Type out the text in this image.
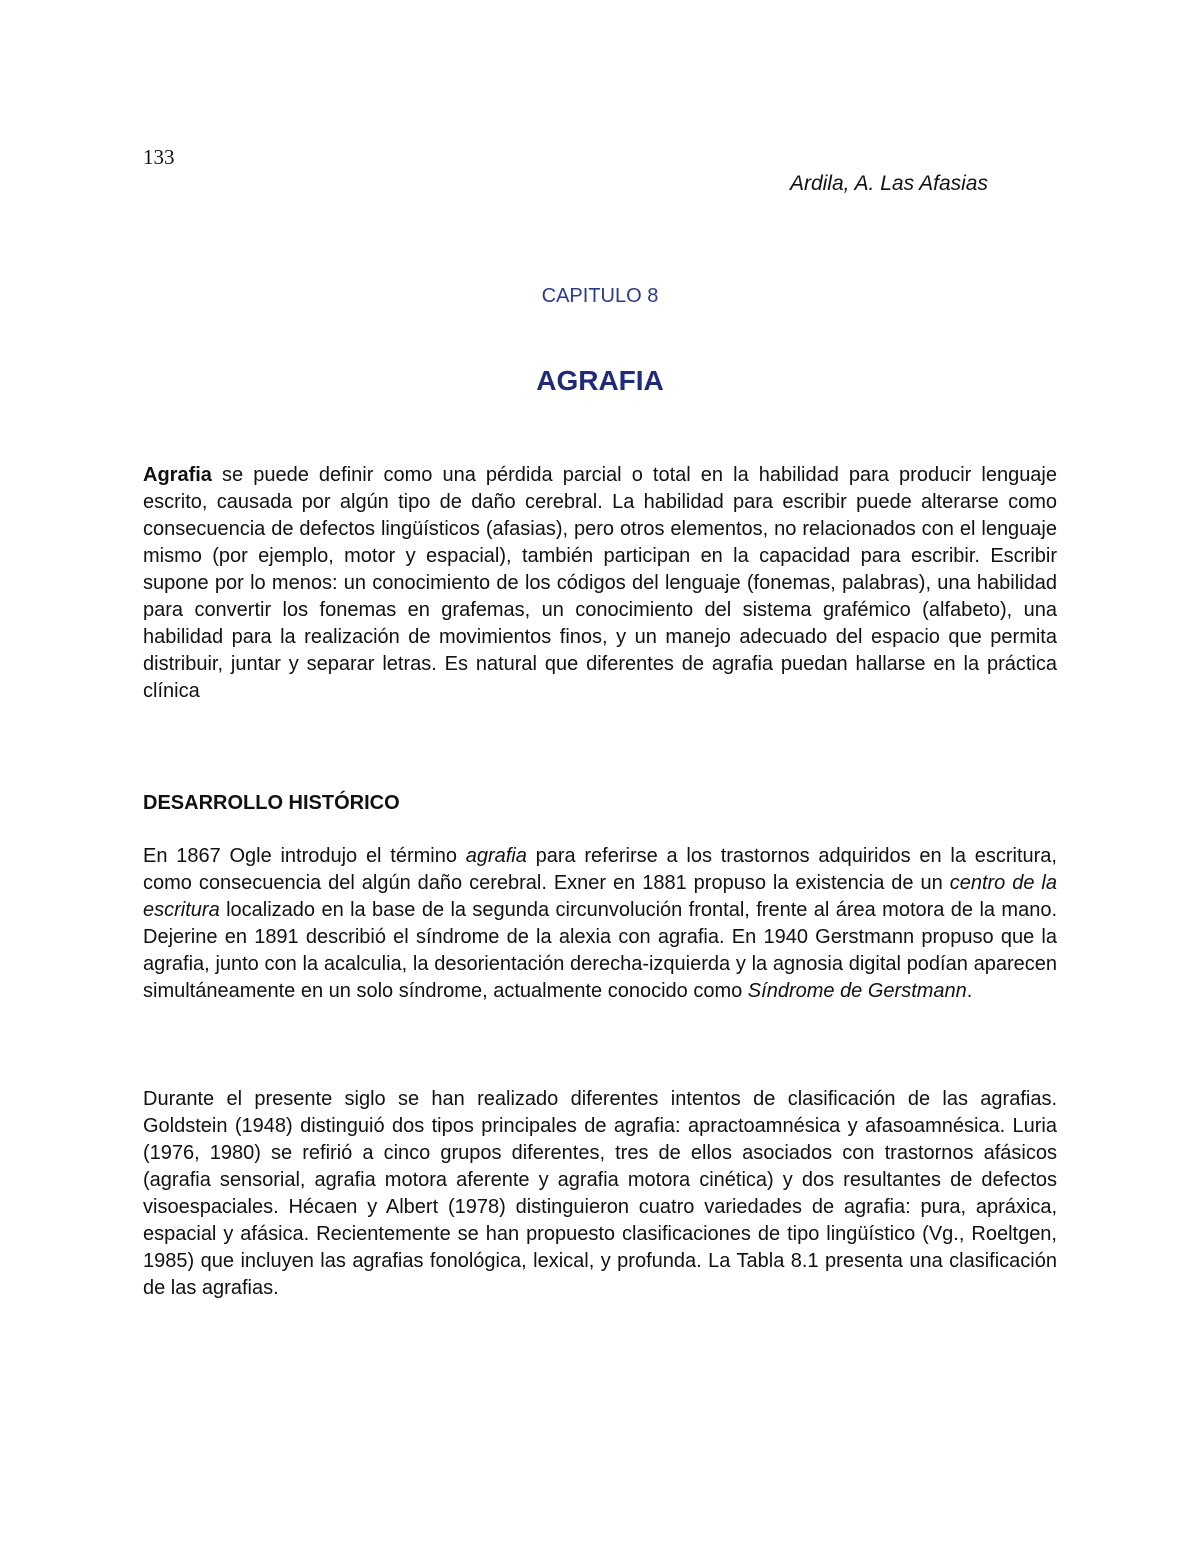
133
Ardila, A. Las Afasias
CAPITULO 8
AGRAFIA

Agrafia se puede definir como una pérdida parcial o total en la habilidad para producir lenguaje escrito, causada por algún tipo de daño cerebral. La habilidad para escribir puede alterarse como consecuencia de defectos lingüísticos (afasias), pero otros elementos, no relacionados con el lenguaje mismo (por ejemplo, motor y espacial), también participan en la capacidad para escribir. Escribir supone por lo menos: un conocimiento de los códigos del lenguaje (fonemas, palabras), una habilidad para convertir los fonemas en grafemas, un conocimiento del sistema grafémico (alfabeto), una habilidad para la realización de movimientos finos, y un manejo adecuado del espacio que permita distribuir, juntar y separar letras. Es natural que diferentes de agrafia puedan hallarse en la práctica clínica

DESARROLLO HISTÓRICO

En 1867 Ogle introdujo el término agrafia para referirse a los trastornos adquiridos en la escritura, como consecuencia del algún daño cerebral. Exner en 1881 propuso la existencia de un centro de la escritura localizado en la base de la segunda circunvolución frontal, frente al área motora de la mano. Dejerine en 1891 describió el síndrome de la alexia con agrafia. En 1940 Gerstmann propuso que la agrafia, junto con la acalculia, la desorientación derecha-izquierda y la agnosia digital podían aparecen simultáneamente en un solo síndrome, actualmente conocido como Síndrome de Gerstmann.

Durante el presente siglo se han realizado diferentes intentos de clasificación de las agrafias. Goldstein (1948) distinguió dos tipos principales de agrafia: apractoamnésica y afasoamnésica. Luria (1976, 1980) se refirió a cinco grupos diferentes, tres de ellos asociados con trastornos afásicos (agrafia sensorial, agrafia motora aferente y agrafia motora cinética) y dos resultantes de defectos visoespaciales. Hécaen y Albert (1978) distinguieron cuatro variedades de agrafia: pura, apráxica, espacial y afásica. Recientemente se han propuesto clasificaciones de tipo lingüístico (Vg., Roeltgen, 1985) que incluyen las agrafias fonológica, lexical, y profunda. La Tabla 8.1 presenta una clasificación de las agrafias.
